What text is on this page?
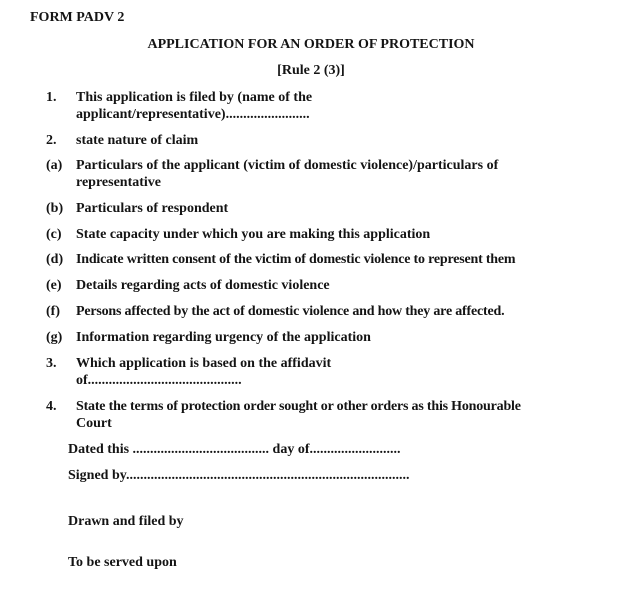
FORM PADV 2
APPLICATION FOR AN ORDER OF PROTECTION
[Rule 2 (3)]
1. This application is filed by (name of the
applicant/representative)........................
2. state nature of claim
(a) Particulars of the applicant (victim of domestic violence)/particulars of
representative
(b) Particulars of respondent
(c) State capacity under which you are making this application
(d) Indicate written consent of the victim of domestic violence to represent them
(e) Details regarding acts of domestic violence
(f) Persons affected by the act of domestic violence and how they are affected.
(g) Information regarding urgency of the application
3. Which application is based on the affidavit
of............................................
4. State the terms of protection order sought or other orders as this Honourable
Court
Dated this ....................................... day of..........................
Signed by.................................................................................
Drawn and filed by
To be served upon
